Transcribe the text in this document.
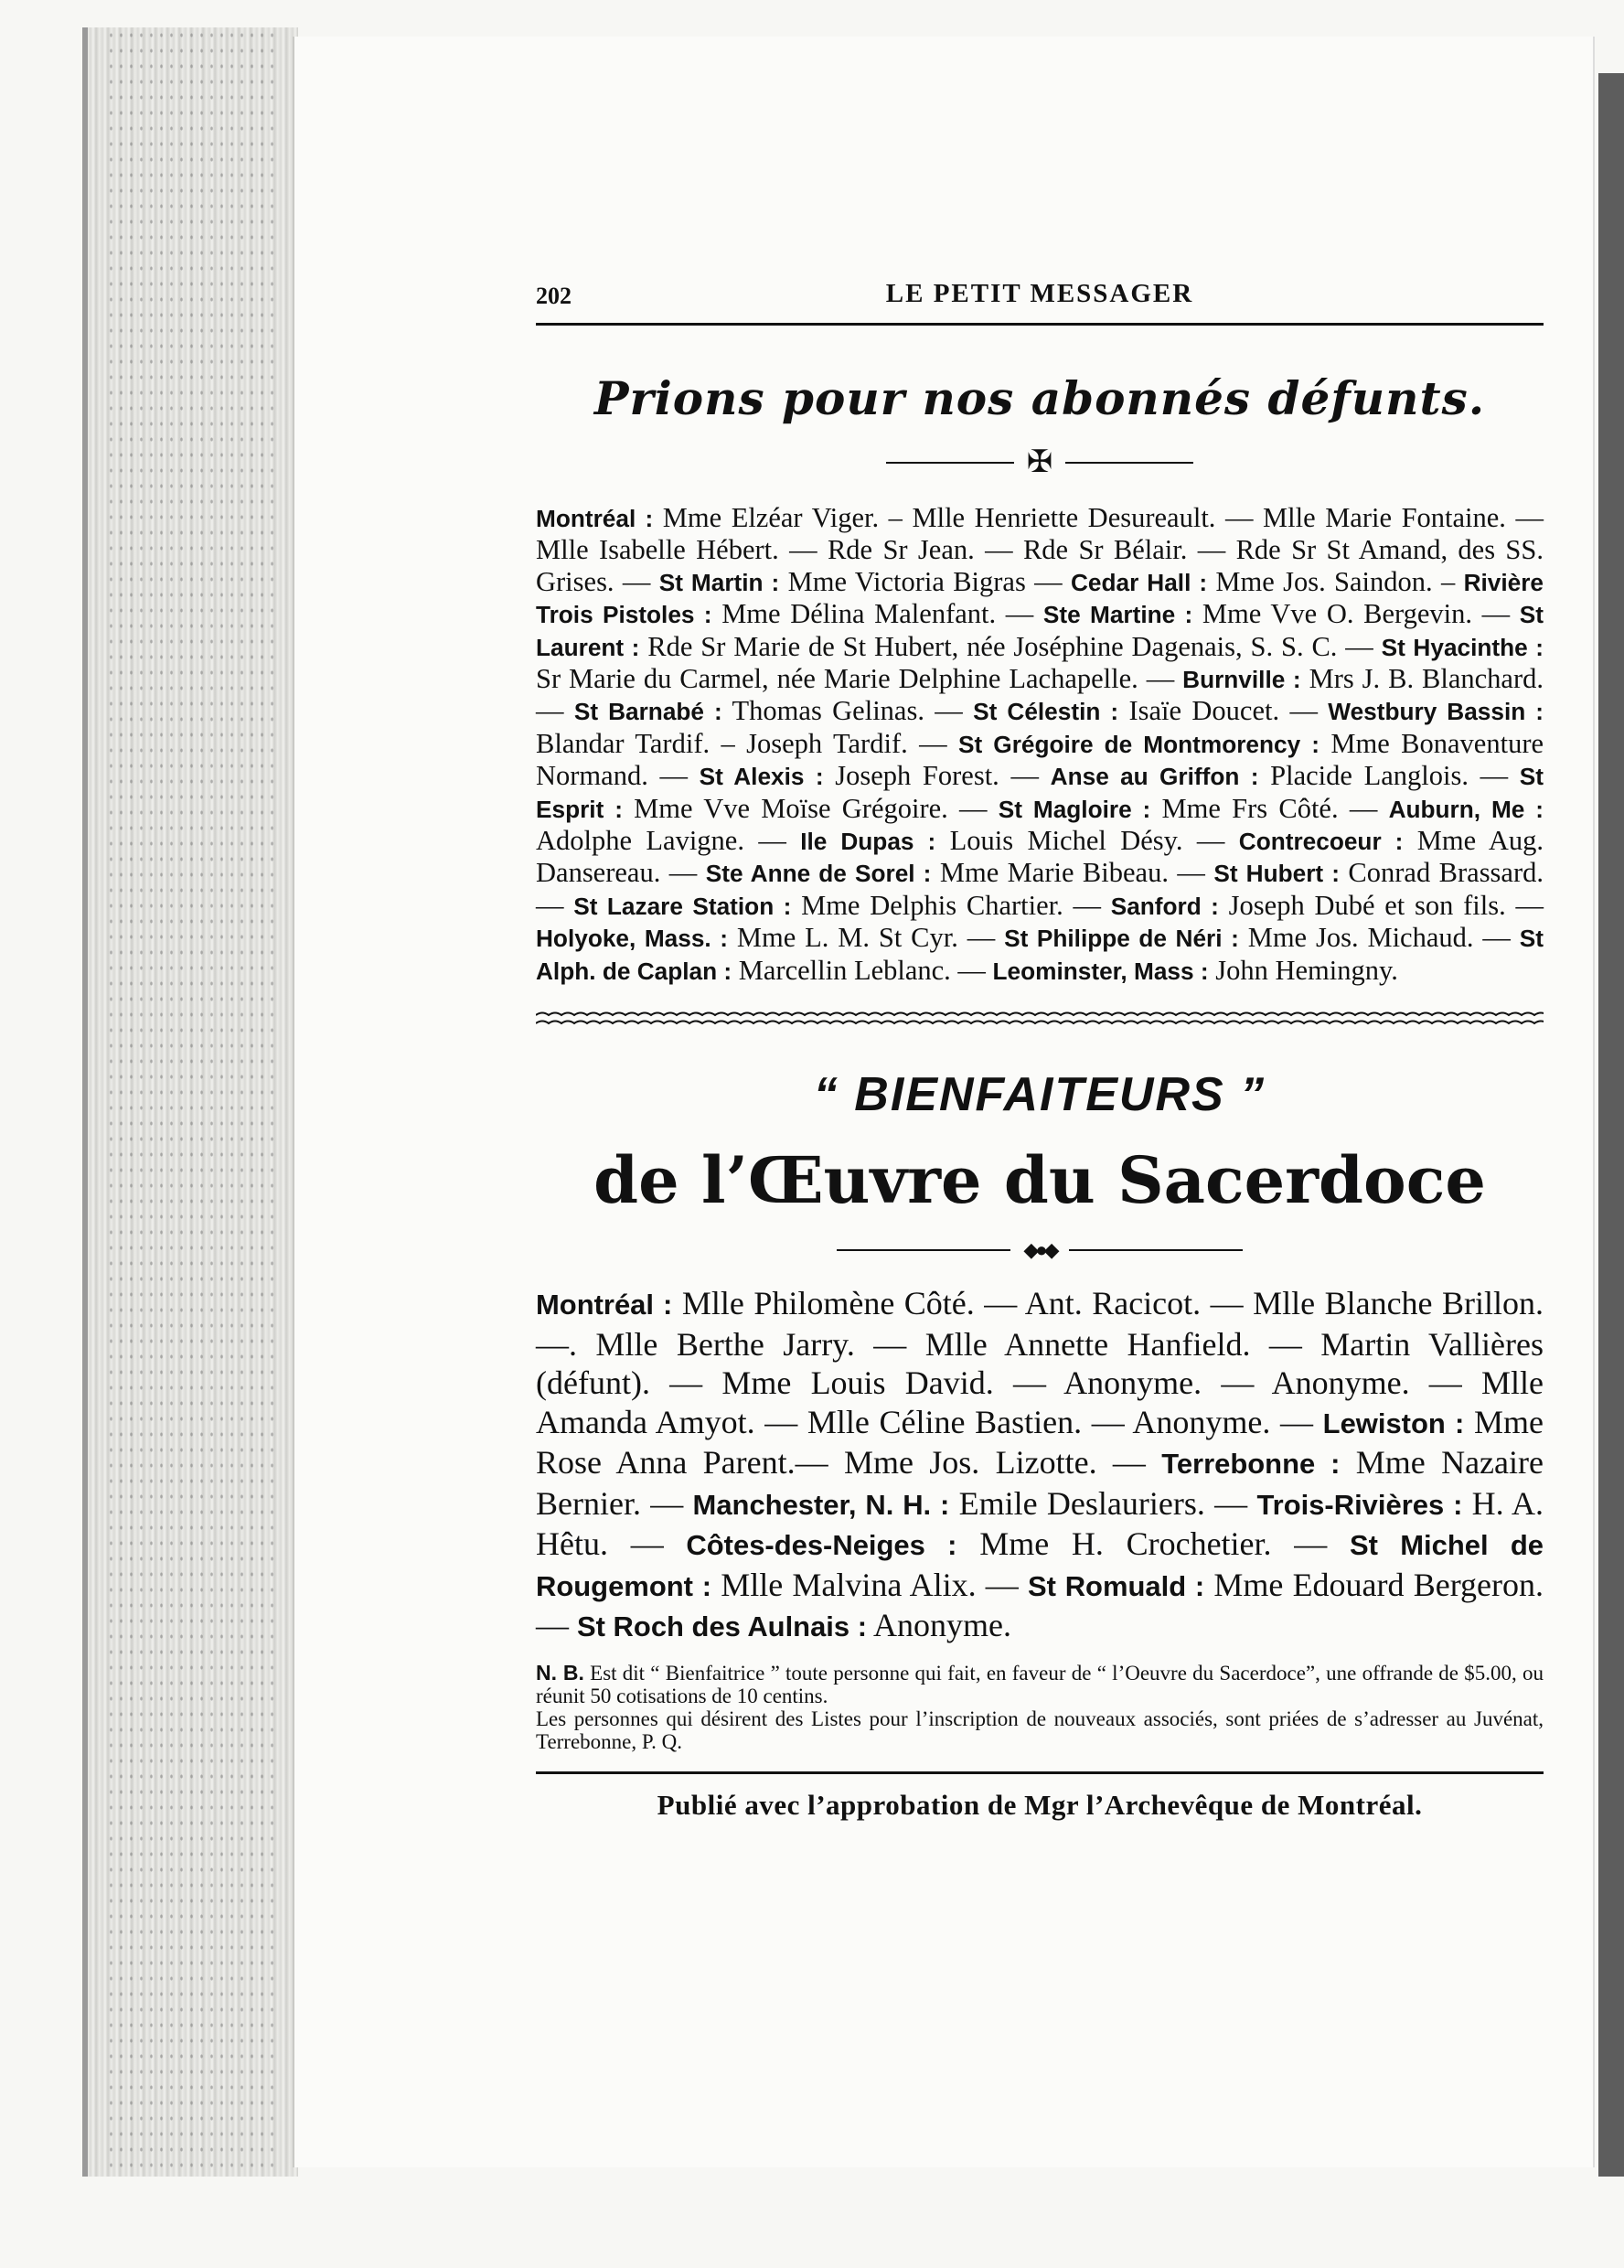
202	LE PETIT MESSAGER
Prions pour nos abonnés défunts.
✠
Montréal : Mme Elzéar Viger. – Mlle Henriette Desureault. — Mlle Marie Fontaine. — Mlle Isabelle Hébert. — Rde Sr Jean. — Rde Sr Bélair. — Rde Sr St Amand, des SS. Grises. — St Martin : Mme Victoria Bigras — Cedar Hall : Mme Jos. Saindon. – Rivière Trois Pistoles : Mme Délina Malenfant. — Ste Martine : Mme Vve O. Bergevin. — St Laurent : Rde Sr Marie de St Hubert, née Joséphine Dagenais, S. S. C. — St Hyacinthe : Sr Marie du Carmel, née Marie Delphine Lachapelle. — Burnville : Mrs J. B. Blanchard. — St Barnabé : Thomas Gelinas. — St Célestin : Isaïe Doucet. — Westbury Bassin : Blandar Tardif. – Joseph Tardif. — St Grégoire de Montmorency : Mme Bonaventure Normand. — St Alexis : Joseph Forest. — Anse au Griffon : Placide Langlois. — St Esprit : Mme Vve Moïse Grégoire. — St Magloire : Mme Frs Côté. — Auburn, Me : Adolphe Lavigne. — Ile Dupas : Louis Michel Désy. — Contrecoeur : Mme Aug. Dansereau. — Ste Anne de Sorel : Mme Marie Bibeau. — St Hubert : Conrad Brassard. — St Lazare Station : Mme Delphis Chartier. — Sanford : Joseph Dubé et son fils. — Holyoke, Mass. : Mme L. M. St Cyr. — St Philippe de Néri : Mme Jos. Michaud. — St Alph. de Caplan : Marcellin Leblanc. — Leominster, Mass : John Hemingny.
“ BIENFAITEURS ”
de l’Œuvre du Sacerdoce
◆●◆
Montréal : Mlle Philomène Côté. — Ant. Racicot. — Mlle Blanche Brillon. —. Mlle Berthe Jarry. — Mlle Annette Hanfield. — Martin Vallières (défunt). — Mme Louis David. — Anonyme. — Anonyme. — Mlle Amanda Amyot. — Mlle Céline Bastien. — Anonyme. — Lewiston : Mme Rose Anna Parent.— Mme Jos. Lizotte. — Terrebonne : Mme Nazaire Bernier. — Manchester, N. H. : Emile Deslauriers. — Trois-Rivières : H. A. Hêtu. — Côtes-des-Neiges : Mme H. Crochetier. — St Michel de Rougemont : Mlle Malvina Alix. — St Romuald : Mme Edouard Bergeron. — St Roch des Aulnais : Anonyme.
N. B. Est dit “ Bienfaitrice ” toute personne qui fait, en faveur de “ l’Oeuvre du Sacerdoce”, une offrande de $5.00, ou réunit 50 cotisations de 10 centins.
Les personnes qui désirent des Listes pour l’inscription de nouveaux associés, sont priées de s’adresser au Juvénat, Terrebonne, P. Q.
Publié avec l’approbation de Mgr l’Archevêque de Montréal.
